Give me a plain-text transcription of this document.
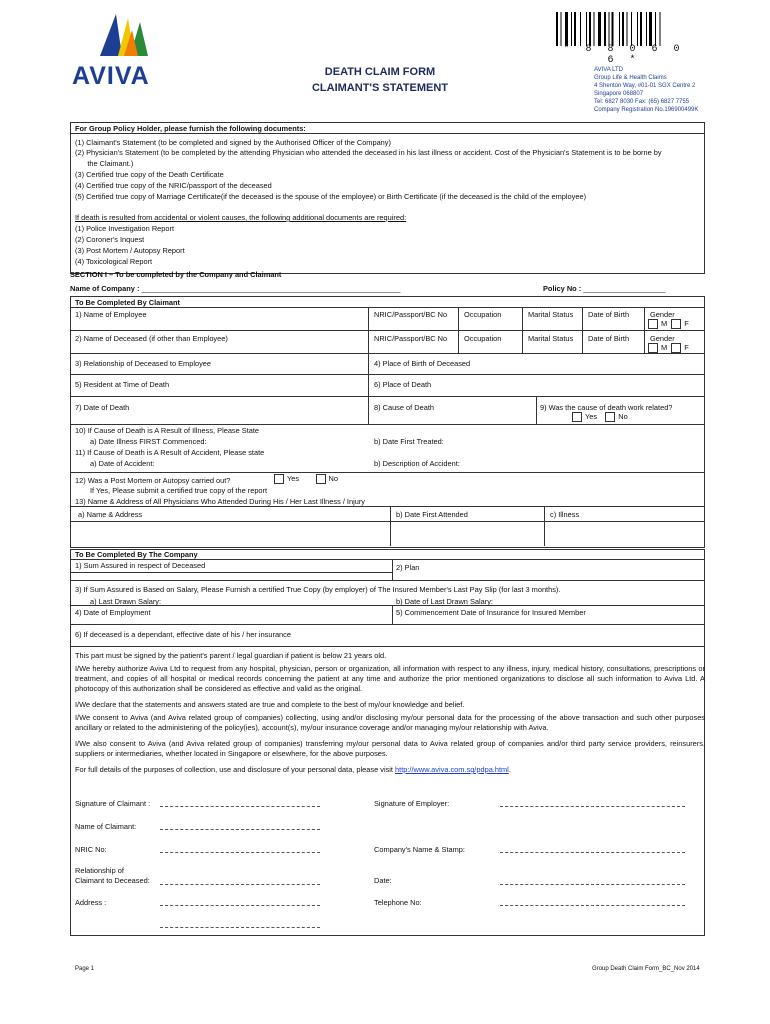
AVIVA
* 8 8 0 6 0 6 *
DEATH CLAIM FORM
CLAIMANT'S STATEMENT
AVIVA LTD
Group Life & Health Claims
4 Shenton Way, #01-01 SGX Centre 2
Singapore 068807
Tel: 6827 8030 Fax: (65) 6827 7755
Company Registration No.196900499K
For Group Policy Holder, please furnish the following documents:
(1) Claimant's Statement (to be completed and signed by the Authorised Officer of the Company)
(2) Physician's Statement (to be completed by the attending Physician who attended the deceased in his last illness or accident. Cost of the Physician's Statement is to be borne by
the Claimant.)
(3) Certified true copy of the Death Certificate
(4) Certified true copy of the NRIC/passport of the deceased
(5) Certified true copy of Marriage Certificate(if the deceased is the spouse of the employee) or Birth Certificate (if the deceased is the child of the employee)
If death is resulted from accidental or violent causes, the following additional documents are required:
(1) Police Investigation Report
(2) Coroner's Inquest
(3) Post Mortem / Autopsy Report
(4) Toxicological Report
SECTION I – To be completed by the Company and Claimant
Name of Company : _______________________________________________________________	Policy No : ____________________
To Be Completed By Claimant
1) Name of Employee	NRIC/Passport/BC No Occupation	Marital Status Date of Birth	Gender
M F
2) Name of Deceased (if other than Employee)	NRIC/Passport/BC No Occupation	Marital Status Date of Birth	Gender
M F
3) Relationship of Deceased to Employee	4) Place of Birth of Deceased
5) Resident at Time of Death	6) Place of Death
7) Date of Death	8) Cause of Death	9) Was the cause of death work related?
Yes	No
10) If Cause of Death is A Result of Illness, Please State
a) Date Illness FIRST Commenced:	b) Date First Treated:
11) If Cause of Death is A Result of Accident, Please state
a) Date of Accident:	b) Description of Accident:
12) Was a Post Mortem or Autopsy carried out?	Yes	No
If Yes, Please submit a certified true copy of the report
13) Name & Address of All Physicians Who Attended During His / Her Last Illness / Injury
a) Name & Address	b) Date First Attended	c) Illness
To Be Completed By The Company
1) Sum Assured in respect of Deceased	2) Plan
3) If Sum Assured is Based on Salary, Please Furnish a certified True Copy (by employer) of The Insured Member's Last Pay Slip (for last 3 months).
a) Last Drawn Salary:	b) Date of Last Drawn Salary:
4) Date of Employment	5) Commencement Date of Insurance for Insured Member
6) If deceased is a dependant, effective date of his / her insurance
This part must be signed by the patient's parent / legal guardian if patient is below 21 years old.
I/We hereby authorize Aviva Ltd to request from any hospital, physician, person or organization, all information with respect to any illness, injury, medical history, consultations, prescriptions or treatment, and copies of all hospital or medical records concerning the patient at any time and authorize the prior mentioned organizations to disclose all such information to Aviva Ltd. A photocopy of this authorization shall be considered as effective and valid as the original.
I/We declare that the statements and answers stated are true and complete to the best of my/our knowledge and belief.
I/We consent to Aviva (and Aviva related group of companies) collecting, using and/or disclosing my/our personal data for the processing of the above transaction and such other purposes ancillary or related to the administering of the policy(ies), account(s), my/our insurance coverage and/or managing my/our relationship with Aviva.
I/We also consent to Aviva (and Aviva related group of companies) transferring my/our personal data to Aviva related group of companies and/or third party service providers, reinsurers, suppliers or intermediaries, whether located in Singapore or elsewhere, for the above purposes.
For full details of the purposes of collection, use and disclosure of your personal data, please visit http://www.aviva.com.sg/pdpa.html.
Signature of Claimant :	Signature of Employer:
Name of Claimant:
NRIC No:	Company's Name & Stamp:
Relationship of
Claimant to Deceased:	Date:
Address :	Telephone No:
Page 1	Group Death Claim Form_BC_Nov 2014
